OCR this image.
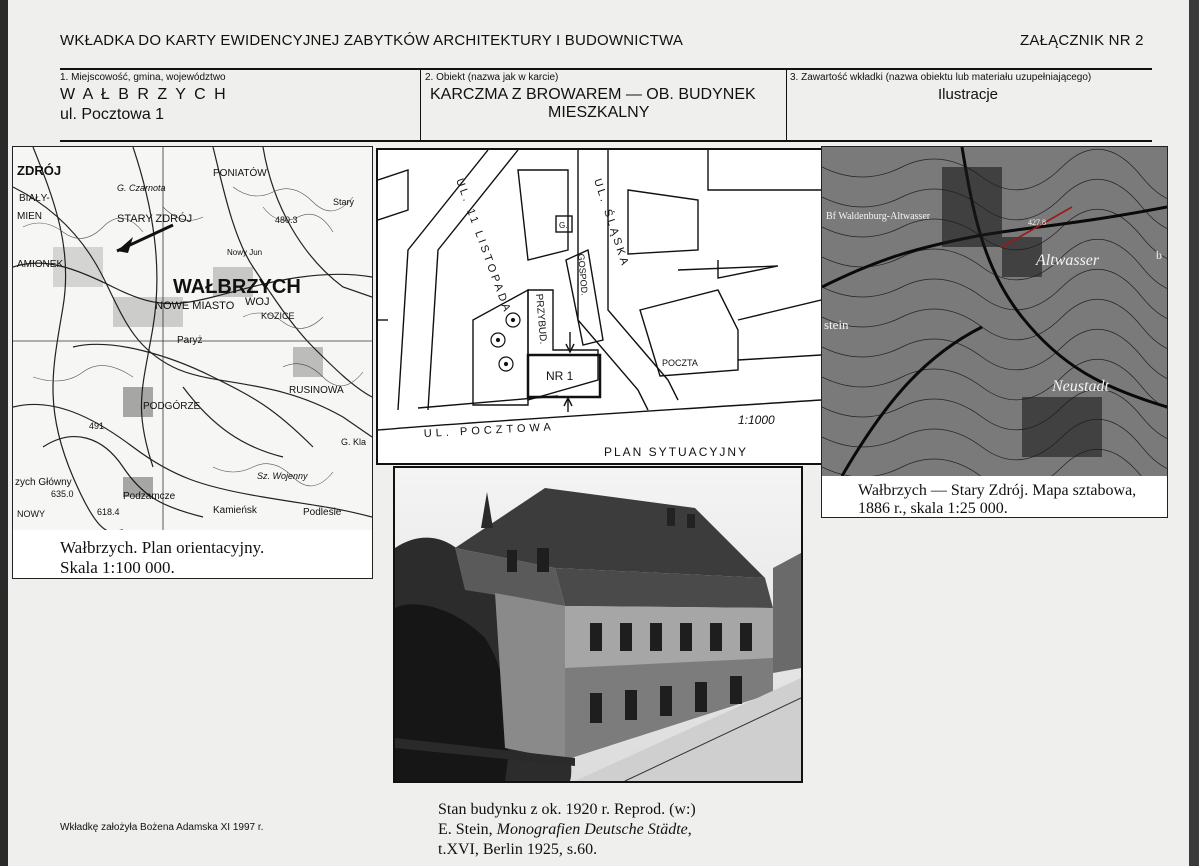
WKŁADKA DO KARTY EWIDENCYJNEJ ZABYTKÓW ARCHITEKTURY I BUDOWNICTWA	ZAŁĄCZNIK NR 2
1. Miejscowość, gmina, województwo
W A Ł B R Z Y C H
ul. Pocztowa 1
2. Obiekt (nazwa jak w karcie)
KARCZMA Z BROWAREM — OB. BUDYNEK
MIESZKALNY
3. Zawartość wkładki (nazwa obiektu lub materiału uzupełniającego)
Ilustracje
ZDRÓJ
BIAŁY-
MIEN
G. Czarnota
PONIATÓW
STARY ZDRÓJ
Stary
480.3
Nowy Jun
AMIONEK
WAŁBRZYCH
NOWE MIASTO WOJ
KOZICE
Paryż
RUSINOWA
PODGÓRZE
491
G. Kla
zych Główny
635.0	Podzamcze
Sz. Wojenny
Kamieńsk	Podlesie
NOWY	618.4
Wałbrzych. Plan orientacyjny.
Skala 1:100 000.
UL. 11 LISTOPADA	UL. ŚLĄSKA
UL. POCZTOWA
G.
GOSPOD.
PRZYBUD.
NR 1
POCZTA
1:1000
PLAN SYTUACYJNY
Bf Waldenburg-Altwasser
Altwasser
Neustadt
stein
427.8
b
Wałbrzych — Stary Zdrój. Mapa sztabowa,
1886 r., skala 1:25 000.
Stan budynku z ok. 1920 r. Reprod. (w:)
E. Stein, Monografien Deutsche Städte,
t.XVI, Berlin 1925, s.60.
Wkładkę założyła Bożena Adamska XI 1997 r.
